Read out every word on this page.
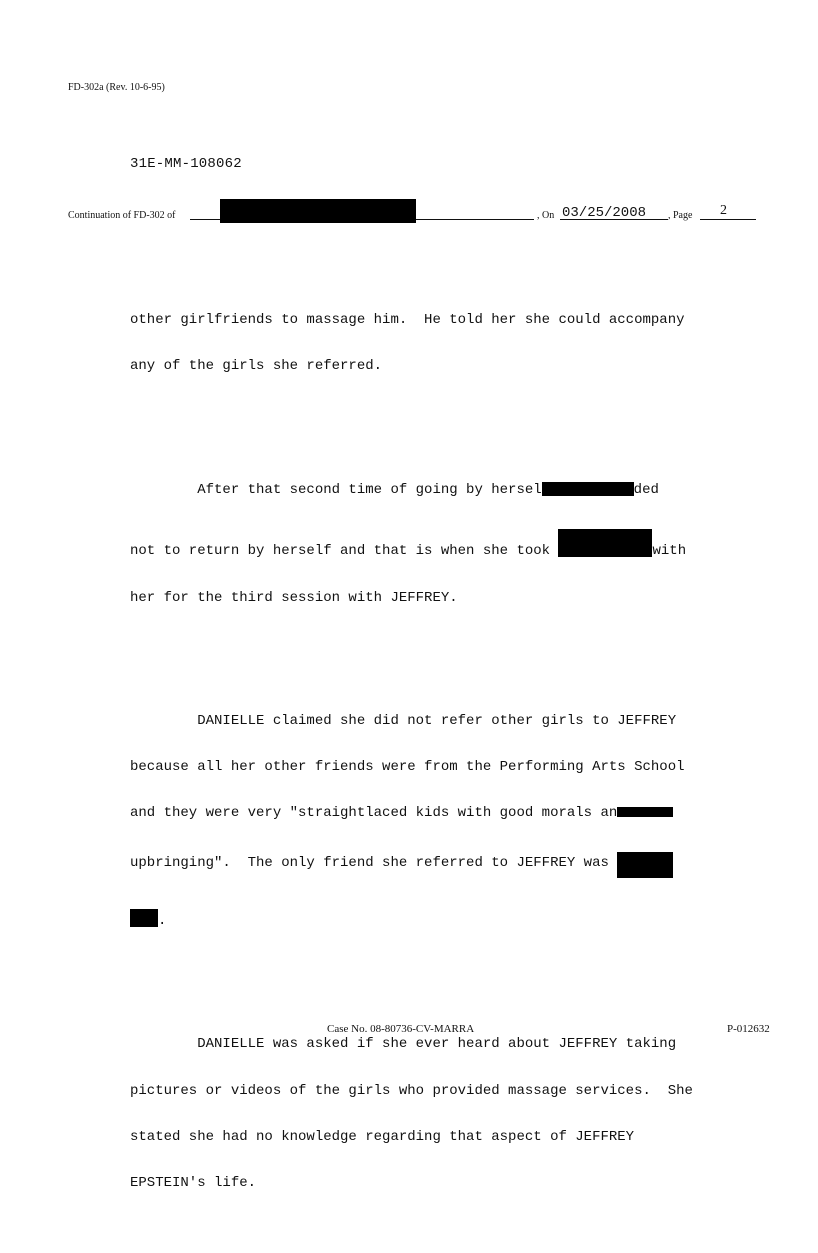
FD-302a (Rev. 10-6-95)
31E-MM-108062
Continuation of FD-302 of	, On 03/25/2008 , Page 2

other girlfriends to massage him.  He told her she could accompany

any of the girls she referred.

After that second time of going by hersel	ded

not to return by herself and that is when she took	with

her for the third session with JEFFREY.

DANIELLE claimed she did not refer other girls to JEFFREY

because all her other friends were from the Performing Arts School

and they were very "straightlaced kids with good morals an

upbringing".  The only friend she referred to JEFFREY was

.

DANIELLE was asked if she ever heard about JEFFREY taking

pictures or videos of the girls who provided massage services.  She

stated she had no knowledge regarding that aspect of JEFFREY

EPSTEIN's life.

Case No. 08-80736-CV-MARRA	P-012632
